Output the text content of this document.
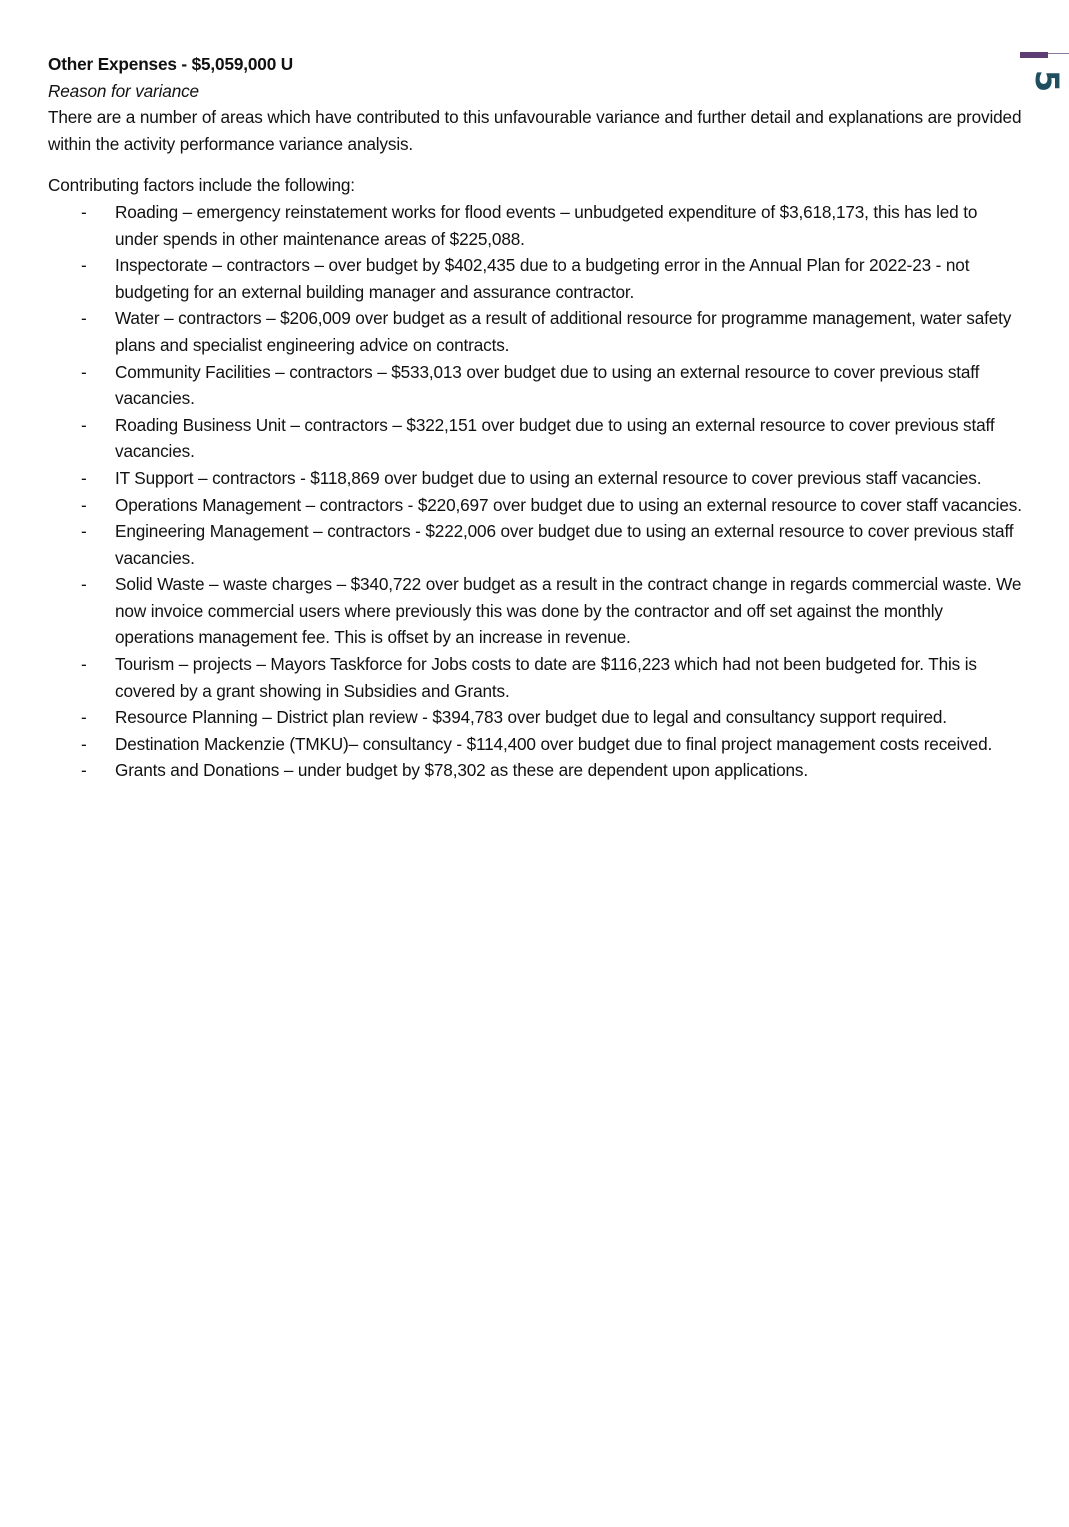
Other Expenses - $5,059,000 U

Reason for variance

There are a number of areas which have contributed to this unfavourable variance and further detail and explanations are provided within the activity performance variance analysis.

Contributing factors include the following:

- Roading – emergency reinstatement works for flood events – unbudgeted expenditure of $3,618,173, this has led to under spends in other maintenance areas of $225,088.
- Inspectorate – contractors – over budget by $402,435 due to a budgeting error in the Annual Plan for 2022-23 - not budgeting for an external building manager and assurance contractor.
- Water – contractors – $206,009 over budget as a result of additional resource for programme management, water safety plans and specialist engineering advice on contracts.
- Community Facilities – contractors – $533,013 over budget due to using an external resource to cover previous staff vacancies.
- Roading Business Unit – contractors – $322,151 over budget due to using an external resource to cover previous staff vacancies.
- IT Support – contractors - $118,869 over budget due to using an external resource to cover previous staff vacancies.
- Operations Management – contractors - $220,697 over budget due to using an external resource to cover staff vacancies.
- Engineering Management – contractors - $222,006 over budget due to using an external resource to cover previous staff vacancies.
- Solid Waste – waste charges – $340,722 over budget as a result in the contract change in regards commercial waste. We now invoice commercial users where previously this was done by the contractor and off set against the monthly operations management fee. This is offset by an increase in revenue.
- Tourism – projects – Mayors Taskforce for Jobs costs to date are $116,223 which had not been budgeted for. This is covered by a grant showing in Subsidies and Grants.
- Resource Planning – District plan review - $394,783 over budget due to legal and consultancy support required.
- Destination Mackenzie (TMKU)– consultancy - $114,400 over budget due to final project management costs received.
- Grants and Donations – under budget by $78,302 as these are dependent upon applications.
5
